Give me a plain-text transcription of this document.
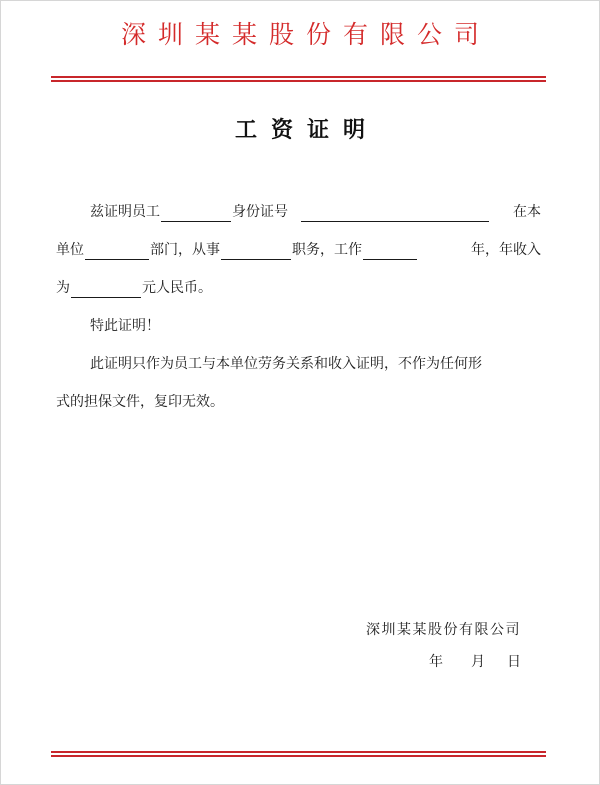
深圳某某股份有限公司
工资证明
兹证明员工	身份证号	在本
单位	部门，从事	职务，工作	年，年收入
为	元人民币。
特此证明！
此证明只作为员工与本单位劳务关系和收入证明，不作为任何形
式的担保文件，复印无效。
深圳某某股份有限公司
年 月 日
